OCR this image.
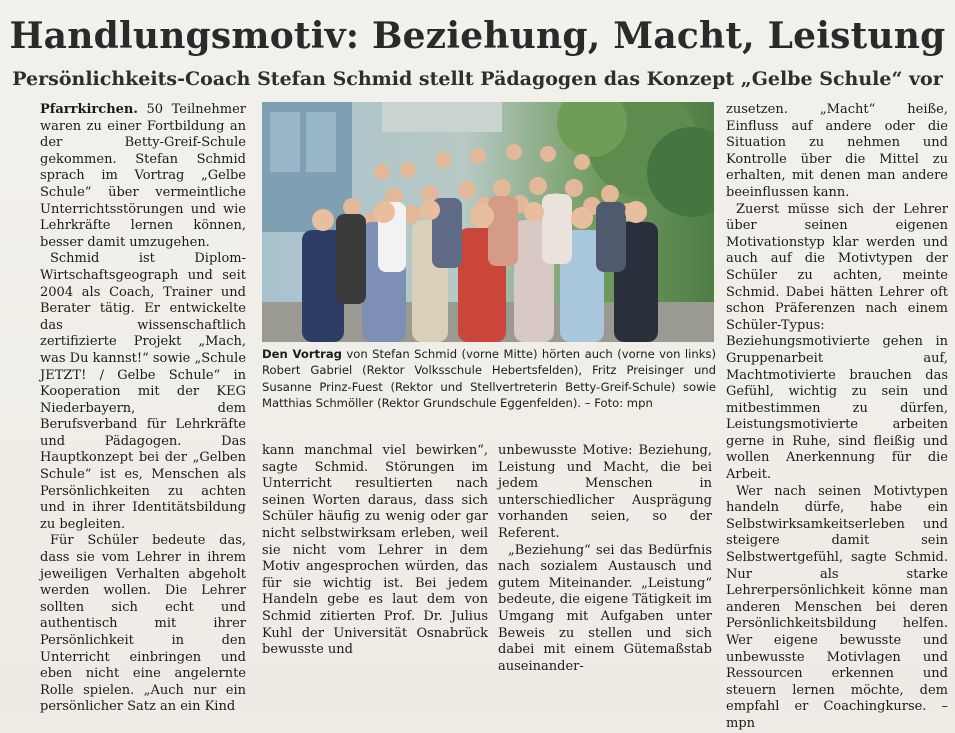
Handlungsmotiv: Beziehung, Macht, Leistung
Persönlichkeits-Coach Stefan Schmid stellt Pädagogen das Konzept „Gelbe Schule“ vor

Pfarrkirchen. 50 Teilnehmer waren zu einer Fortbildung an der Betty-Greif-Schule gekommen. Stefan Schmid sprach im Vortrag „Gelbe Schule“ über vermeintliche Unterrichtsstörungen und wie Lehrkräfte lernen können, besser damit umzugehen.

Schmid ist Diplom-Wirtschaftsgeograph und seit 2004 als Coach, Trainer und Berater tätig. Er entwickelte das wissenschaftlich zertifizierte Projekt „Mach, was Du kannst!“ sowie „Schule JETZT! / Gelbe Schule“ in Kooperation mit der KEG Niederbayern, dem Berufsverband für Lehrkräfte und Pädagogen. Das Hauptkonzept bei der „Gelben Schule“ ist es, Menschen als Persönlichkeiten zu achten und in ihrer Identitätsbildung zu begleiten.

Für Schüler bedeute das, dass sie vom Lehrer in ihrem jeweiligen Verhalten abgeholt werden wollen. Die Lehrer sollten sich echt und authentisch mit ihrer Persönlichkeit in den Unterricht einbringen und eben nicht eine angelernte Rolle spielen. „Auch nur ein persönlicher Satz an ein Kind

Den Vortrag von Stefan Schmid (vorne Mitte) hörten auch (vorne von links) Robert Gabriel (Rektor Volksschule Hebertsfelden), Fritz Preisinger und Susanne Prinz-Fuest (Rektor und Stellvertreterin Betty-Greif-Schule) sowie Matthias Schmöller (Rektor Grundschule Eggenfelden). – Foto: mpn

kann manchmal viel bewirken“, sagte Schmid. Störungen im Unterricht resultierten nach seinen Worten daraus, dass sich Schüler häufig zu wenig oder gar nicht selbstwirksam erleben, weil sie nicht vom Lehrer in dem Motiv angesprochen würden, das für sie wichtig ist. Bei jedem Handeln gebe es laut dem von Schmid zitierten Prof. Dr. Julius Kuhl der Universität Osnabrück bewusste und

unbewusste Motive: Beziehung, Leistung und Macht, die bei jedem Menschen in unterschiedlicher Ausprägung vorhanden seien, so der Referent.

„Beziehung“ sei das Bedürfnis nach sozialem Austausch und gutem Miteinander. „Leistung“ bedeute, die eigene Tätigkeit im Umgang mit Aufgaben unter Beweis zu stellen und sich dabei mit einem Gütemaßstab auseinander-

zusetzen. „Macht“ heiße, Einfluss auf andere oder die Situation zu nehmen und Kontrolle über die Mittel zu erhalten, mit denen man andere beeinflussen kann.

Zuerst müsse sich der Lehrer über seinen eigenen Motivationstyp klar werden und auch auf die Motivtypen der Schüler zu achten, meinte Schmid. Dabei hätten Lehrer oft schon Präferenzen nach einem Schüler-Typus: Beziehungsmotivierte gehen in Gruppenarbeit auf, Machtmotivierte brauchen das Gefühl, wichtig zu sein und mitbestimmen zu dürfen, Leistungsmotivierte arbeiten gerne in Ruhe, sind fleißig und wollen Anerkennung für die Arbeit.

Wer nach seinen Motivtypen handeln dürfe, habe ein Selbstwirksamkeitserleben und steigere damit sein Selbstwertgefühl, sagte Schmid. Nur als starke Lehrerpersönlichkeit könne man anderen Menschen bei deren Persönlichkeitsbildung helfen. Wer eigene bewusste und unbewusste Motivlagen und Ressourcen erkennen und steuern lernen möchte, dem empfahl er Coachingkurse. – mpn
